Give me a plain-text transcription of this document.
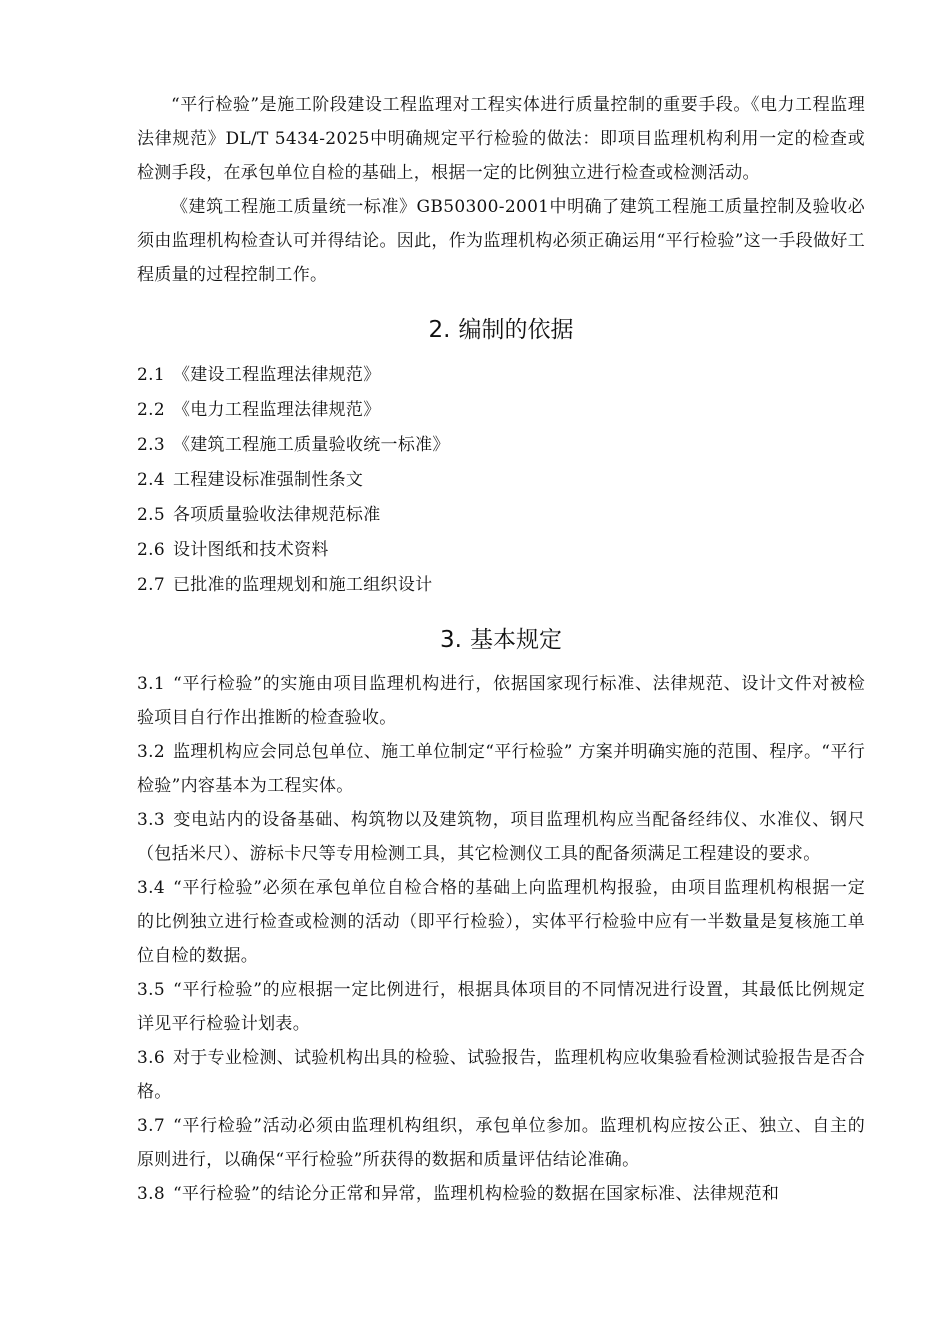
“平行检验”是施工阶段建设工程监理对工程实体进行质量控制的重要手段。《电力工程监理法律规范》DL/T 5434-2025中明确规定平行检验的做法：即项目监理机构利用一定的检查或检测手段，在承包单位自检的基础上，根据一定的比例独立进行检查或检测活动。

《建筑工程施工质量统一标准》GB50300-2001中明确了建筑工程施工质量控制及验收必须由监理机构检查认可并得结论。因此，作为监理机构必须正确运用“平行检验”这一手段做好工程质量的过程控制工作。

2. 编制的依据

2.1 《建设工程监理法律规范》

2.2 《电力工程监理法律规范》

2.3 《建筑工程施工质量验收统一标准》

2.4 工程建设标准强制性条文

2.5 各项质量验收法律规范标准

2.6 设计图纸和技术资料

2.7 已批准的监理规划和施工组织设计

3. 基本规定

3.1 “平行检验”的实施由项目监理机构进行，依据国家现行标准、法律规范、设计文件对被检验项目自行作出推断的检查验收。

3.2 监理机构应会同总包单位、施工单位制定“平行检验” 方案并明确实施的范围、程序。“平行检验”内容基本为工程实体。

3.3 变电站内的设备基础、构筑物以及建筑物，项目监理机构应当配备经纬仪、水准仪、钢尺（包括米尺）、游标卡尺等专用检测工具，其它检测仪工具的配备须满足工程建设的要求。

3.4 “平行检验”必须在承包单位自检合格的基础上向监理机构报验，由项目监理机构根据一定的比例独立进行检查或检测的活动（即平行检验），实体平行检验中应有一半数量是复核施工单位自检的数据。

3.5 “平行检验”的应根据一定比例进行，根据具体项目的不同情况进行设置，其最低比例规定详见平行检验计划表。

3.6 对于专业检测、试验机构出具的检验、试验报告，监理机构应收集验看检测试验报告是否合格。

3.7 “平行检验”活动必须由监理机构组织，承包单位参加。监理机构应按公正、独立、自主的原则进行，以确保“平行检验”所获得的数据和质量评估结论准确。

3.8 “平行检验”的结论分正常和异常，监理机构检验的数据在国家标准、法律规范和
